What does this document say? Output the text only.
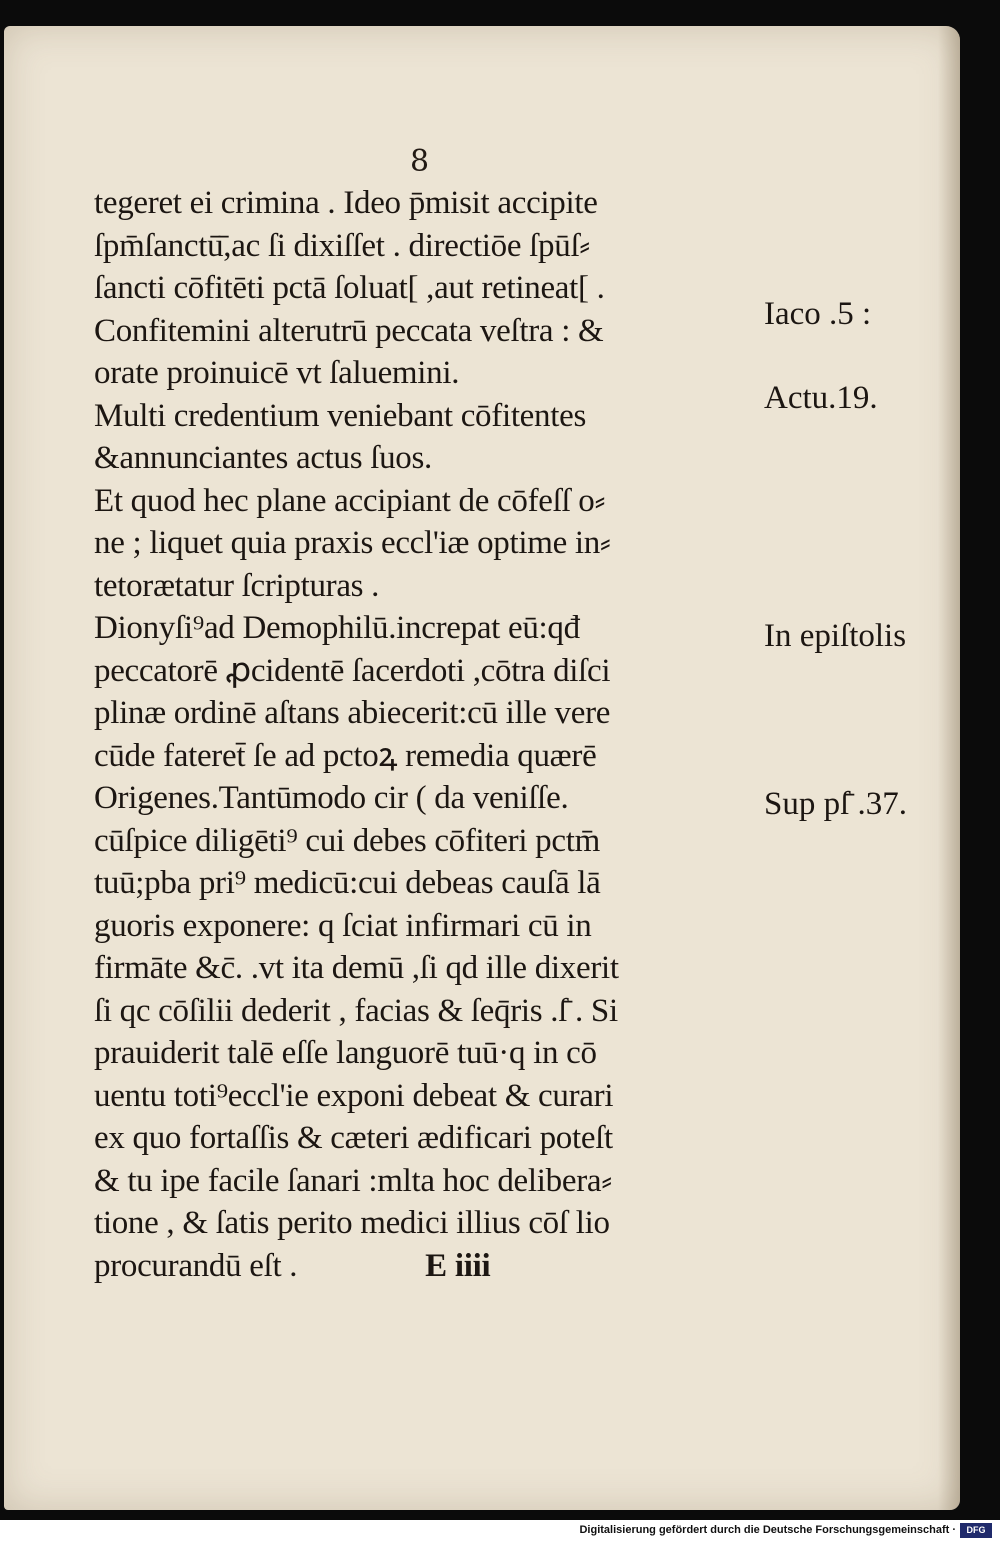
8
tegeret ei crimina . Ideo p̄misit accipite
ſpm̄ſanctū̄,ac ſi dixiſſet . directiōe ſpūſ⸗
ſancti cōfitēti pctā ſoluat[ ,aut retineat[ .
Confitemini alterutrū peccata veſtra : &
orate proinuicē vt ſaluemini.
Multi credentium veniebant cōfitentes
&annunciantes actus ſuos.
Et quod hec plane accipiant de cōfeſſ o⸗
ne ; liquet quia praxis eccl'iæ optime in⸗
tetorætatur ſcripturas .
Dionyſi⁹ad Demophilū.increpat eū:qđ
peccatorē ꝓcidentē ſacerdoti ,cōtra diſci
plinæ ordinē aſtans abiecerit:cū ille vere
cūde fateret̄ ſe ad pctoꝝ remedia quærē
Origenes.Tantūmodo cir ( da veniſſe.
cūſpice diligēti⁹ cui debes cōfiteri pctm̄
tuū;pba pri⁹ medicū:cui debeas cauſā lā
guoris exponere: q ſciat infirmari cū in
firmāte &c̄. .vt ita demū ,ſi qd ille dixerit
ſi qc cōſilii dederit , facias & ſeq̄ris .ſ̄ . Si
prauiderit talē eſſe languorē tuū·q in cō
uentu toti⁹eccl'ie exponi debeat & curari
ex quo fortaſſis & cæteri ædificari poteſt
& tu ipe facile ſanari :mlta hoc delibera⸗
tione , & ſatis perito medici illius cōſ lio
procurandū eſt .	E iiii
Iaco .5 :
Actu.19.
In epiſtolis
Sup pſ̄ .37.
Digitalisierung gefördert durch die Deutsche Forschungsgemeinschaft ·	DFG
